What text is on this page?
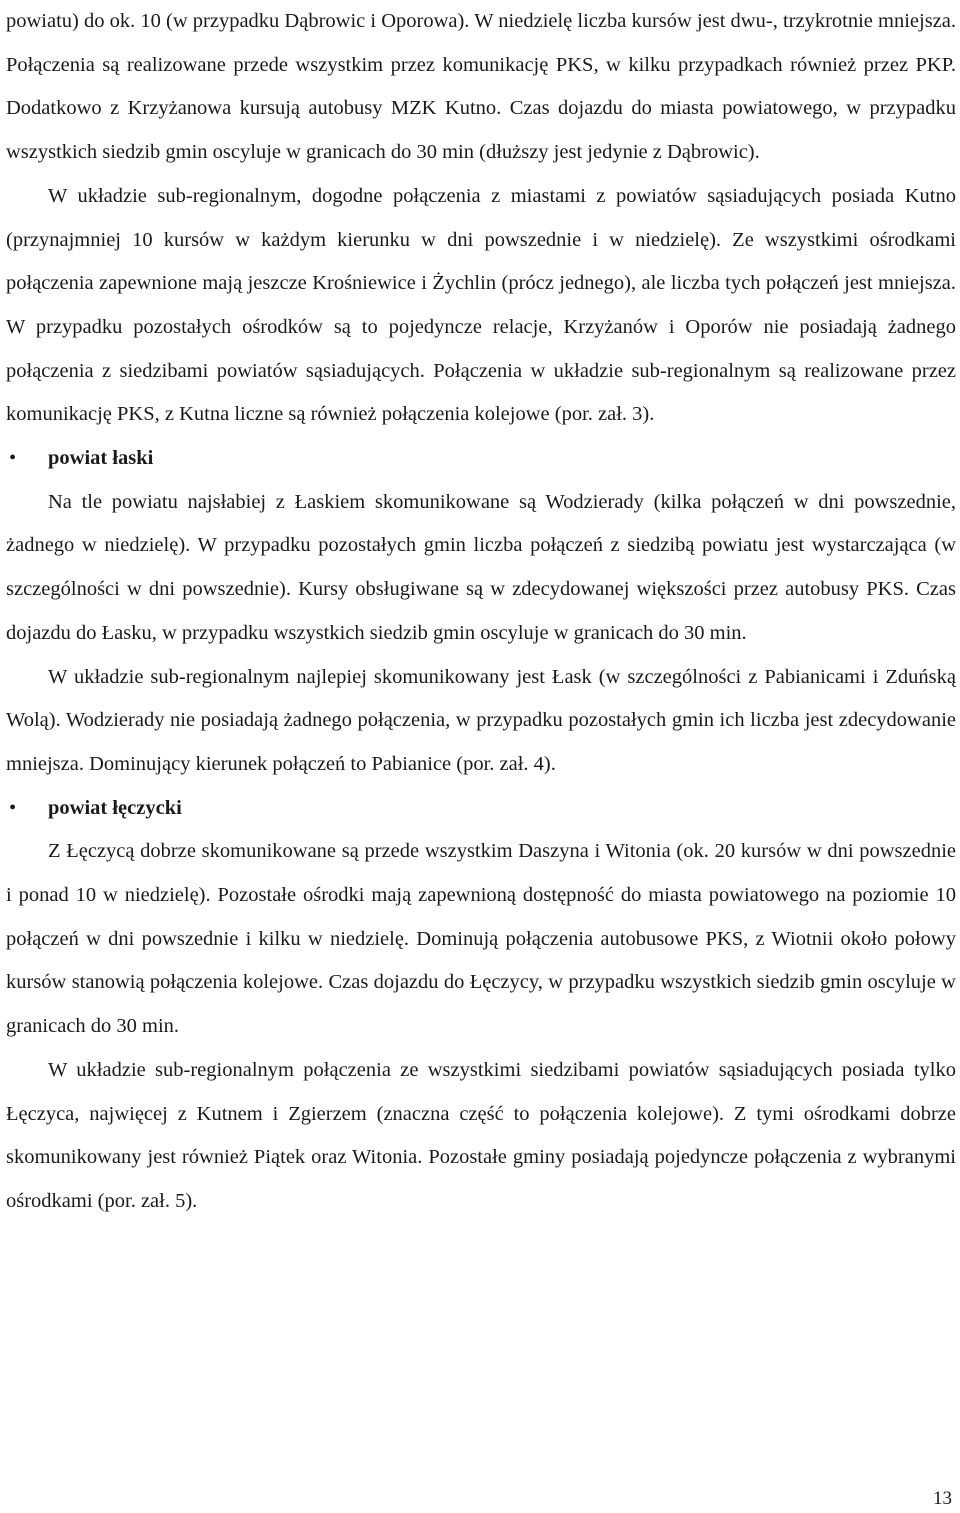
powiatu) do ok. 10 (w przypadku Dąbrowic i Oporowa). W niedzielę liczba kursów jest dwu-, trzykrotnie mniejsza. Połączenia są realizowane przede wszystkim przez komunikację PKS, w kilku przypadkach również przez PKP. Dodatkowo z Krzyżanowa kursują autobusy MZK Kutno. Czas dojazdu do miasta powiatowego, w przypadku wszystkich siedzib gmin oscyluje w granicach do 30 min (dłuższy jest jedynie z Dąbrowic).

W układzie sub-regionalnym, dogodne połączenia z miastami z powiatów sąsiadujących posiada Kutno (przynajmniej 10 kursów w każdym kierunku w dni powszednie i w niedzielę). Ze wszystkimi ośrodkami połączenia zapewnione mają jeszcze Krośniewice i Żychlin (prócz jednego), ale liczba tych połączeń jest mniejsza. W przypadku pozostałych ośrodków są to pojedyncze relacje, Krzyżanów i Oporów nie posiadają żadnego połączenia z siedzibami powiatów sąsiadujących. Połączenia w układzie sub-regionalnym są realizowane przez komunikację PKS, z Kutna liczne są również połączenia kolejowe (por. zał. 3).

• powiat łaski

Na tle powiatu najsłabiej z Łaskiem skomunikowane są Wodzierady (kilka połączeń w dni powszednie, żadnego w niedzielę). W przypadku pozostałych gmin liczba połączeń z siedzibą powiatu jest wystarczająca (w szczególności w dni powszednie). Kursy obsługiwane są w zdecydowanej większości przez autobusy PKS. Czas dojazdu do Łasku, w przypadku wszystkich siedzib gmin oscyluje w granicach do 30 min.

W układzie sub-regionalnym najlepiej skomunikowany jest Łask (w szczególności z Pabianicami i Zduńską Wolą). Wodzierady nie posiadają żadnego połączenia, w przypadku pozostałych gmin ich liczba jest zdecydowanie mniejsza. Dominujący kierunek połączeń to Pabianice (por. zał. 4).

• powiat łęczycki

Z Łęczycą dobrze skomunikowane są przede wszystkim Daszyna i Witonia (ok. 20 kursów w dni powszednie i ponad 10 w niedzielę). Pozostałe ośrodki mają zapewnioną dostępność do miasta powiatowego na poziomie 10 połączeń w dni powszednie i kilku w niedzielę. Dominują połączenia autobusowe PKS, z Wiotnii około połowy kursów stanowią połączenia kolejowe. Czas dojazdu do Łęczycy, w przypadku wszystkich siedzib gmin oscyluje w granicach do 30 min.

W układzie sub-regionalnym połączenia ze wszystkimi siedzibami powiatów sąsiadujących posiada tylko Łęczyca, najwięcej z Kutnem i Zgierzem (znaczna część to połączenia kolejowe). Z tymi ośrodkami dobrze skomunikowany jest również Piątek oraz Witonia. Pozostałe gminy posiadają pojedyncze połączenia z wybranymi ośrodkami (por. zał. 5).

13
